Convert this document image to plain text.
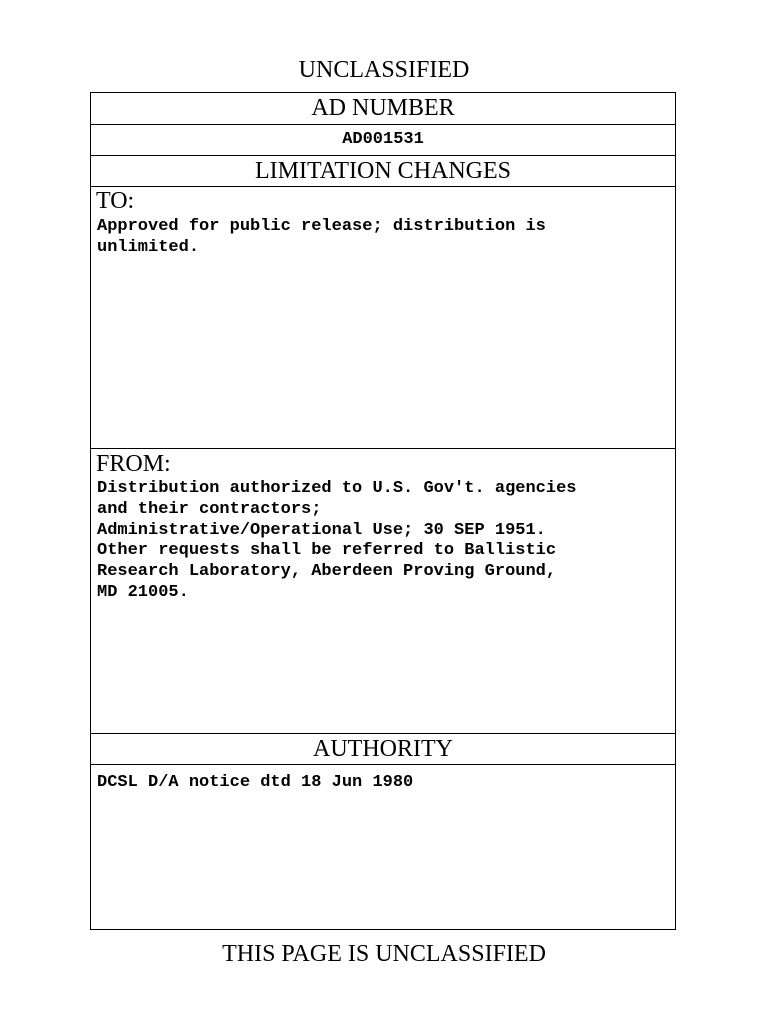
UNCLASSIFIED
AD NUMBER
AD001531
LIMITATION CHANGES
TO:
Approved for public release; distribution is
unlimited.
FROM:
Distribution authorized to U.S. Gov't. agencies
and their contractors;
Administrative/Operational Use; 30 SEP 1951.
Other requests shall be referred to Ballistic
Research Laboratory, Aberdeen Proving Ground,
MD 21005.
AUTHORITY
DCSL D/A notice dtd 18 Jun 1980
THIS PAGE IS UNCLASSIFIED
